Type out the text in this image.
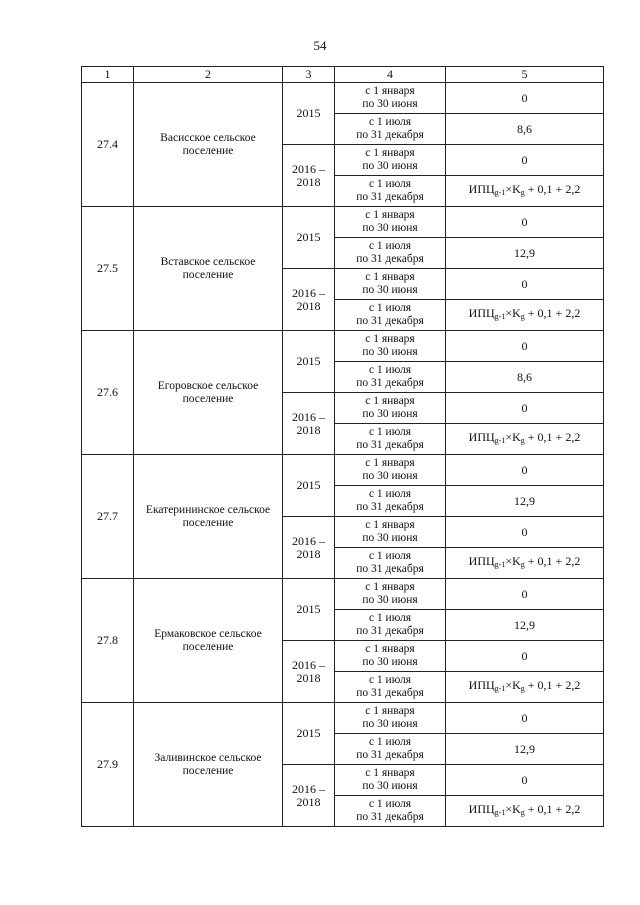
54
1	2	3	4	5
27.4	Васисское сельское поселение	2015	с 1 января
по 30 июня	0

			с 1 июля
по 31 декабря	8,6
		2016 – 2018	с 1 января
по 30 июня	0

			с 1 июля
по 31 декабря	$ИПЦ_{g-1}\times K_g + 0,1 + 2,2$
27.5	Вставское сельское поселение	2015	с 1 января
по 30 июня	0

			с 1 июля
по 31 декабря	12,9
		2016 – 2018	с 1 января
по 30 июня	0

			с 1 июля
по 31 декабря	$ИПЦ_{g-1}\times K_g + 0,1 + 2,2$
27.6	Егоровское сельское поселение	2015	с 1 января
по 30 июня	0

			с 1 июля
по 31 декабря	8,6
		2016 – 2018	с 1 января
по 30 июня	0

			с 1 июля
по 31 декабря	$ИПЦ_{g-1}\times K_g + 0,1 + 2,2$
27.7	Екатерининское сельское поселение	2015	с 1 января
по 30 июня	0

			с 1 июля
по 31 декабря	12,9
		2016 – 2018	с 1 января
по 30 июня	0

			с 1 июля
по 31 декабря	$ИПЦ_{g-1}\times K_g + 0,1 + 2,2$
27.8	Ермаковское сельское поселение	2015	с 1 января
по 30 июня	0

			с 1 июля
по 31 декабря	12,9
		2016 – 2018	с 1 января
по 30 июня	0

			с 1 июля
по 31 декабря	$ИПЦ_{g-1}\times K_g + 0,1 + 2,2$
27.9	Заливинское сельское поселение	2015	с 1 января
по 30 июня	0

			с 1 июля
по 31 декабря	12,9
		2016 – 2018	с 1 января
по 30 июня	0

			с 1 июля
по 31 декабря	$ИПЦ_{g-1}\times K_g + 0,1 + 2,2$
